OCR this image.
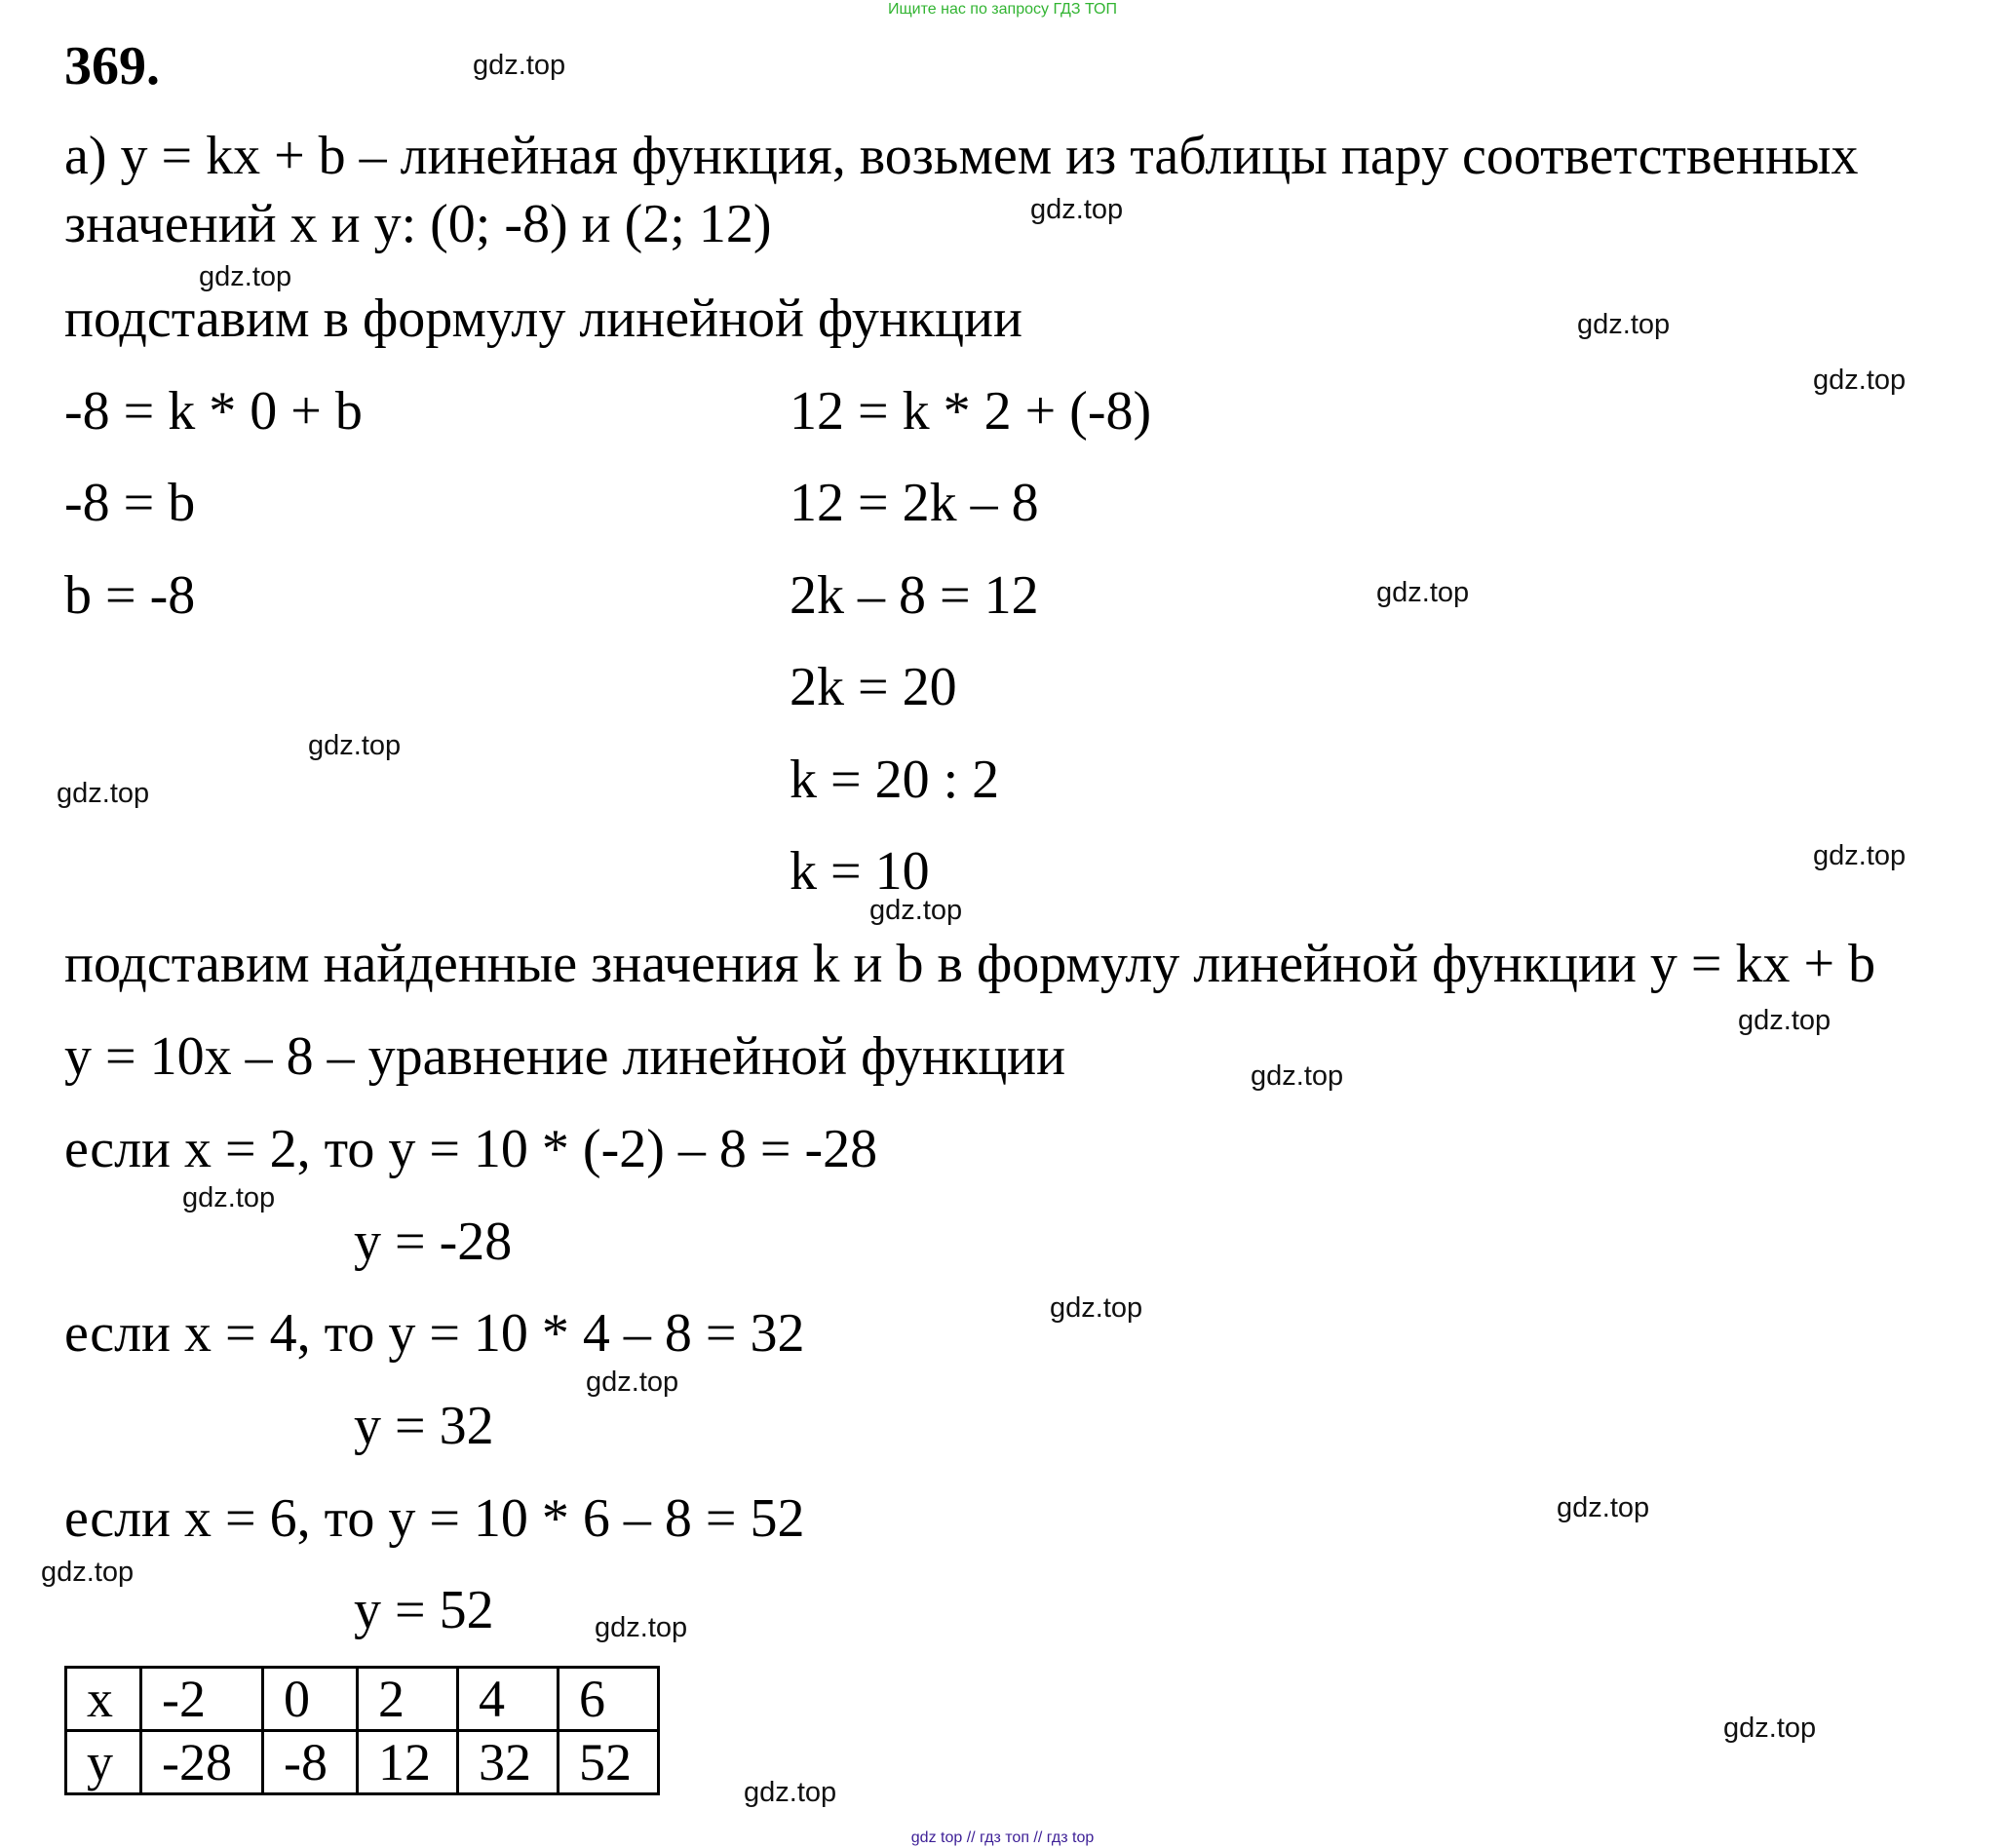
Ищите нас по запросу ГДЗ ТОП
369.
а) y = kx + b – линейная функция, возьмем из таблицы пару соответственных
значений x и y: (0; -8) и (2; 12)
подставим в формулу линейной функции
-8 = k * 0 + b	12 = k * 2 + (-8)
-8 = b	12 = 2k – 8
b = -8	2k – 8 = 12
2k = 20
k = 20 : 2
k = 10
подставим найденные значения k и b в формулу линейной функции y = kx + b
y = 10x – 8 – уравнение линейной функции
если x = 2, то y = 10 * (-2) – 8 = -28
y = -28
если x = 4, то y = 10 * 4 – 8 = 32
y = 32
если x = 6, то y = 10 * 6 – 8 = 52
y = 52
x	-2	0	2	4	6
y	-28	-8	12	32	52
gdz.top
gdz.top
gdz.top
gdz.top
gdz.top
gdz.top
gdz.top
gdz.top
gdz.top
gdz.top
gdz.top
gdz.top
gdz.top
gdz.top
gdz.top
gdz.top
gdz.top
gdz.top
gdz.top
gdz.top
gdz top // гдз топ // гдз top
